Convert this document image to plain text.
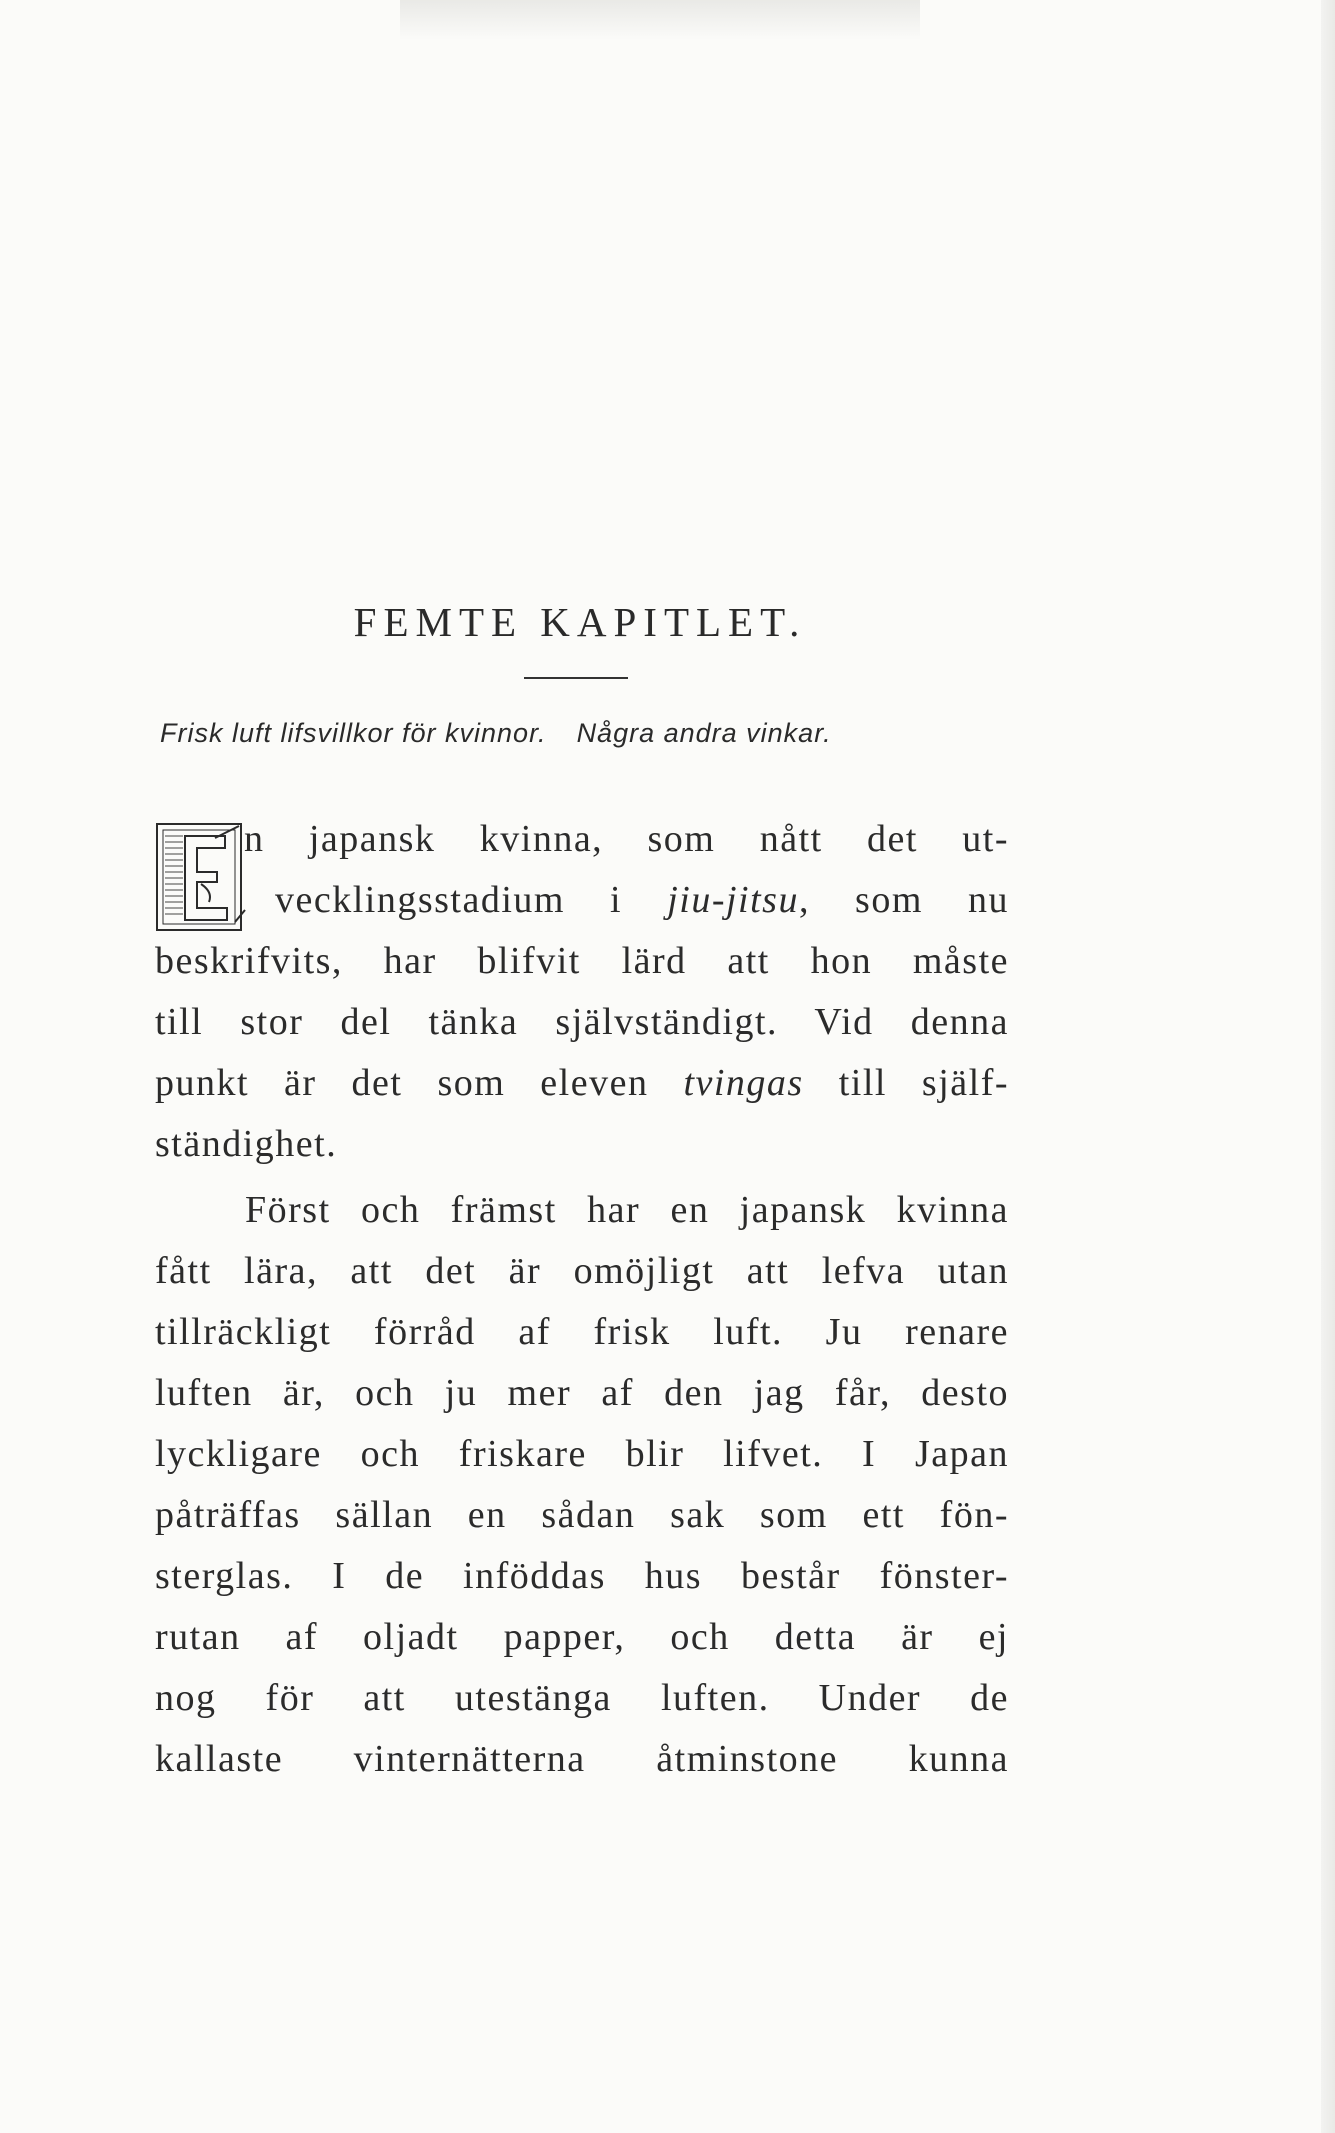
FEMTE KAPITLET.
Frisk luft lifsvillkor för kvinnor. Några andra vinkar.
n japansk kvinna, som nått det ut-
vecklingsstadium i jiu-jitsu, som nu
beskrifvits, har blifvit lärd att hon måste
till stor del tänka självständigt. Vid denna
punkt är det som eleven tvingas till själf-
ständighet.
Först och främst har en japansk kvinna
fått lära, att det är omöjligt att lefva utan
tillräckligt förråd af frisk luft. Ju renare
luften är, och ju mer af den jag får, desto
lyckligare och friskare blir lifvet. I Japan
påträffas sällan en sådan sak som ett fön-
sterglas. I de inföddas hus består fönster-
rutan af oljadt papper, och detta är ej
nog för att utestänga luften. Under de
kallaste vinternätterna åtminstone kunna
